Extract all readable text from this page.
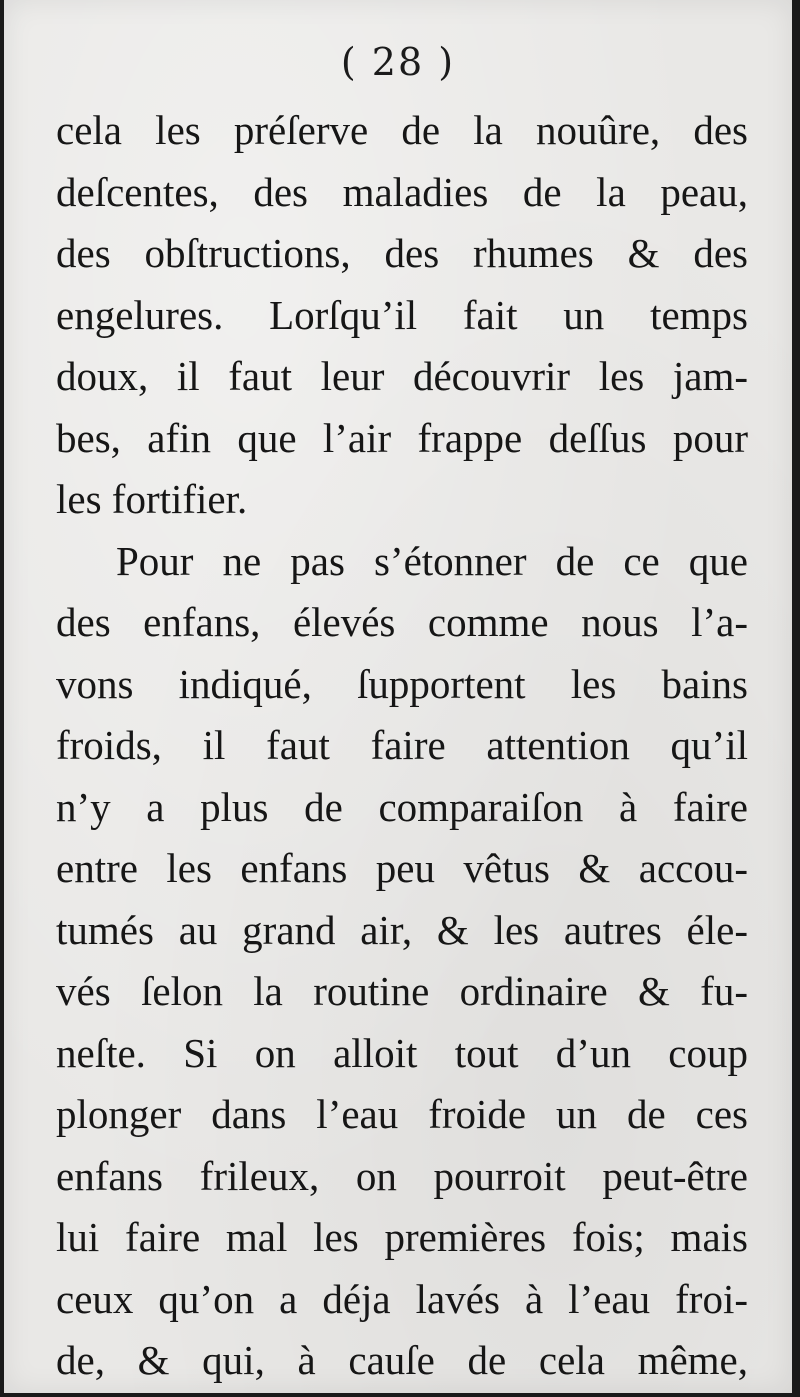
( 28 )
cela les préſerve de la nouûre, des
deſcentes, des maladies de la peau,
des obſtructions, des rhumes & des
engelures. Lorſqu’il fait un temps
doux, il faut leur découvrir les jam-
bes, afin que l’air frappe deſſus pour
les fortifier.
Pour ne pas s’étonner de ce que
des enfans, élevés comme nous l’a-
vons indiqué, ſupportent les bains
froids, il faut faire attention qu’il
n’y a plus de comparaiſon à faire
entre les enfans peu vêtus & accou-
tumés au grand air, & les autres éle-
vés ſelon la routine ordinaire & fu-
neſte. Si on alloit tout d’un coup
plonger dans l’eau froide un de ces
enfans frileux, on pourroit peut-être
lui faire mal les premières fois; mais
ceux qu’on a déja lavés à l’eau froi-
de, & qui, à cauſe de cela même,
